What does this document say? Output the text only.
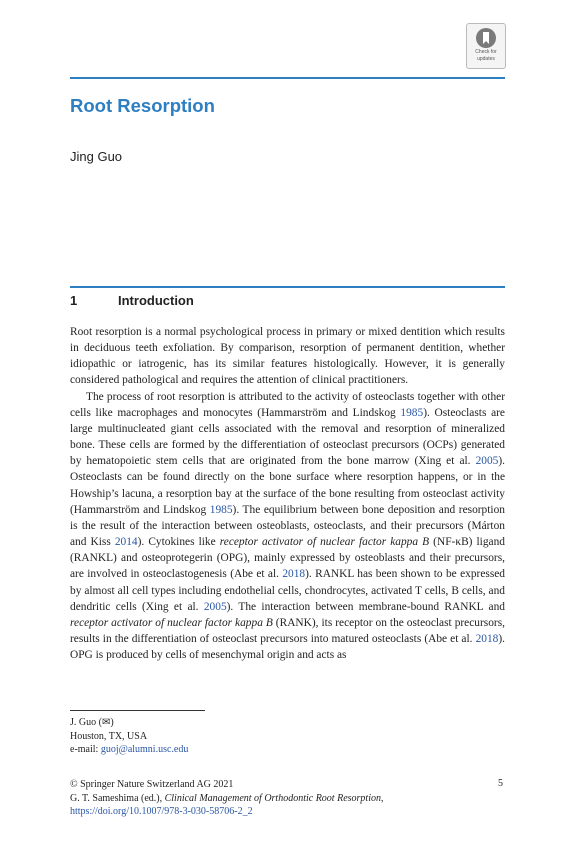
Check for
updates
Root Resorption
Jing Guo
1	Introduction

Root resorption is a normal psychological process in primary or mixed dentition which results in deciduous teeth exfoliation. By comparison, resorption of permanent dentition, whether idiopathic or iatrogenic, has its similar features histologically. However, it is generally considered pathological and requires the attention of clinical practitioners.

The process of root resorption is attributed to the activity of osteoclasts together with other cells like macrophages and monocytes (Hammarström and Lindskog 1985). Osteoclasts are large multinucleated giant cells associated with the removal and resorption of mineralized bone. These cells are formed by the differentiation of osteoclast precursors (OCPs) generated by hematopoietic stem cells that are originated from the bone marrow (Xing et al. 2005). Osteoclasts can be found directly on the bone surface where resorption happens, or in the Howship’s lacuna, a resorption bay at the surface of the bone resulting from osteoclast activity (Hammarström and Lindskog 1985). The equilibrium between bone deposition and resorption is the result of the interaction between osteoblasts, osteoclasts, and their precursors (Márton and Kiss 2014). Cytokines like receptor activator of nuclear factor kappa B (NF-κB) ligand (RANKL) and osteoprotegerin (OPG), mainly expressed by osteoblasts and their precursors, are involved in osteoclastogenesis (Abe et al. 2018). RANKL has been shown to be expressed by almost all cell types including endothelial cells, chondrocytes, activated T cells, B cells, and dendritic cells (Xing et al. 2005). The interaction between membrane-bound RANKL and receptor activator of nuclear factor kappa B (RANK), its receptor on the osteoclast precursors, results in the differentiation of osteoclast precursors into matured osteoclasts (Abe et al. 2018). OPG is produced by cells of mesenchymal origin and acts as

J. Guo (✉)
Houston, TX, USA
e-mail: guoj@alumni.usc.edu
© Springer Nature Switzerland AG 2021
G. T. Sameshima (ed.), Clinical Management of Orthodontic Root Resorption,
https://doi.org/10.1007/978-3-030-58706-2_2
5
